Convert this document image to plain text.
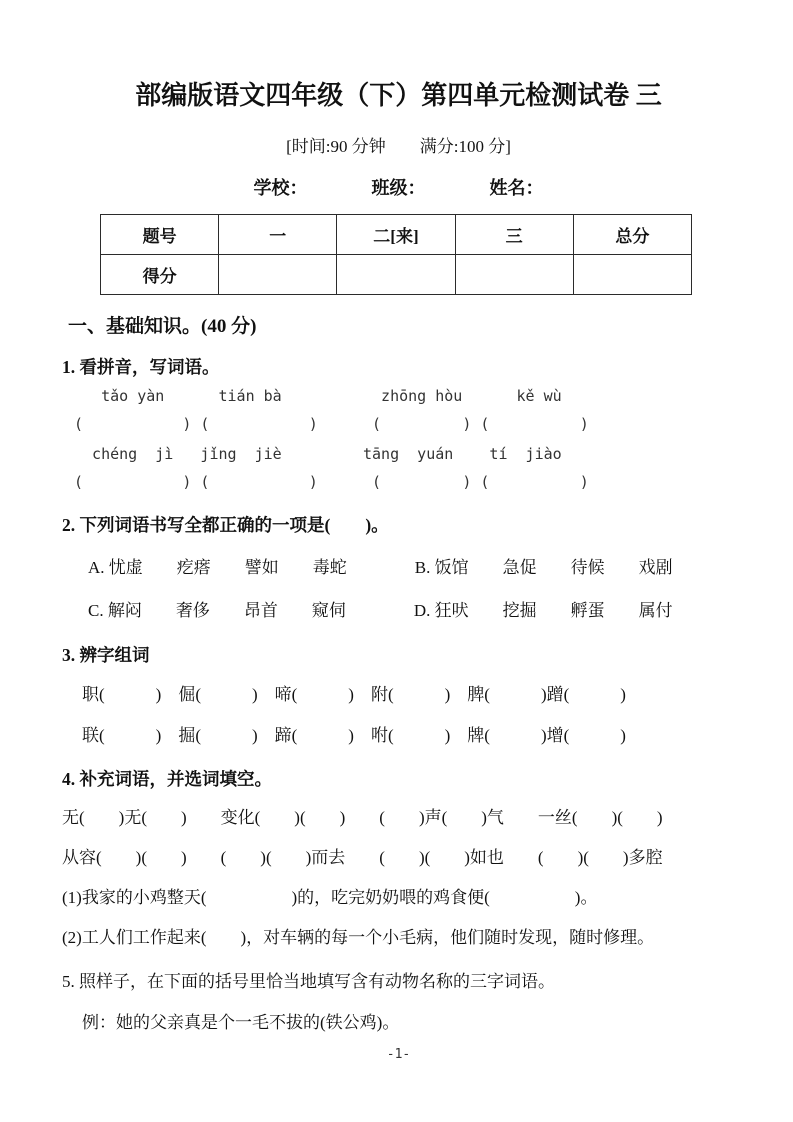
部编版语文四年级（下）第四单元检测试卷 三
[时间:90 分钟　　满分:100 分]
学校：	班级：	姓名：
题号	一	二[来]	三	总分
得分				
一、基础知识。(40 分)
1. 看拼音，写词语。
tǎo yàn      tián bà           zhōng hòu      kě wù
(           ) (           )      (         ) (          )
chéng  jì   jǐng  jiè         tāng  yuán    tí  jiào
(           ) (           )      (         ) (          )
2. 下列词语书写全都正确的一项是(　　)。
A. 忧虚　　疙瘩　　譬如　　毒蛇　　　　B. 饭馆　　急促　　待候　　戏剧
C. 解闷　　奢侈　　昂首　　窥伺　　　　D. 狂吠　　挖掘　　孵蛋　　属付
3. 辨字组词
职(　　　)　倔(　　　)　啼(　　　)　附(　　　)　脾(　　　)蹭(　　　)
联(　　　)　掘(　　　)　蹄(　　　)　咐(　　　)　牌(　　　)增(　　　)
4. 补充词语，并选词填空。
无(　　)无(　　)　　变化(　　)(　　)　　(　　)声(　　)气　　一丝(　　)(　　)
从容(　　)(　　)　　(　　)(　　)而去　　(　　)(　　)如也　　(　　)(　　)多腔
(1)我家的小鸡整天(　　　　　)的，吃完奶奶喂的鸡食便(　　　　　)。
(2)工人们工作起来(　　)，对车辆的每一个小毛病，他们随时发现，随时修理。
5. 照样子，在下面的括号里恰当地填写含有动物名称的三字词语。
例：她的父亲真是个一毛不拔的(铁公鸡)。
-1-
